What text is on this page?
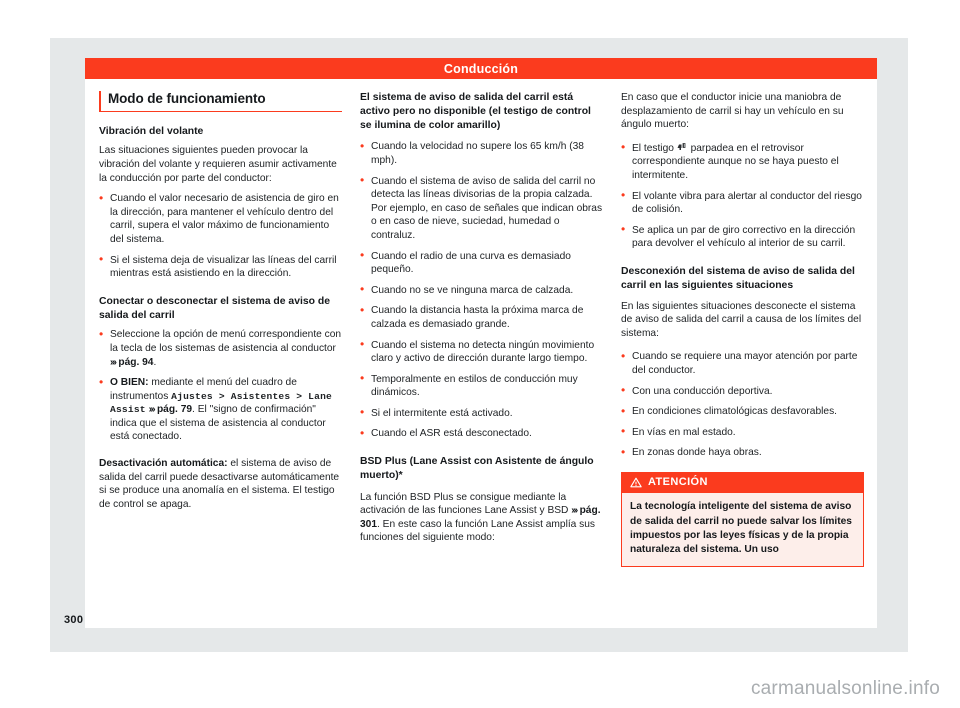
300
Conducción
Modo de funcionamiento
Vibración del volante

Las situaciones siguientes pueden provocar la vibración del volante y requieren asumir activamente la conducción por parte del conductor:

• Cuando el valor necesario de asistencia de giro en la dirección, para mantener el vehículo dentro del carril, supera el valor máximo de funcionamiento del sistema.
• Si el sistema deja de visualizar las líneas del carril mientras está asistiendo en la dirección.
Conectar o desconectar el sistema de aviso de salida del carril
• Seleccione la opción de menú correspondiente con la tecla de los sistemas de asistencia al conductor ››› pág. 94.
• O BIEN: mediante el menú del cuadro de instrumentos Ajustes > Asistentes > Lane Assist ››› pág. 79. El "signo de confirmación" indica que el sistema de asistencia al conductor está conectado.

Desactivación automática: el sistema de aviso de salida del carril puede desactivarse automáticamente si se produce una anomalía en el sistema. El testigo de control se apaga.

El sistema de aviso de salida del carril está activo pero no disponible (el testigo de control se ilumina de color amarillo)
• Cuando la velocidad no supere los 65 km/h (38 mph).
• Cuando el sistema de aviso de salida del carril no detecta las líneas divisorias de la propia calzada. Por ejemplo, en caso de señales que indican obras o en caso de nieve, suciedad, humedad o contraluz.
• Cuando el radio de una curva es demasiado pequeño.
• Cuando no se ve ninguna marca de calzada.
• Cuando la distancia hasta la próxima marca de calzada es demasiado grande.
• Cuando el sistema no detecta ningún movimiento claro y activo de dirección durante largo tiempo.
• Temporalmente en estilos de conducción muy dinámicos.
• Si el intermitente está activado.
• Cuando el ASR está desconectado.
BSD Plus (Lane Assist con Asistente de ángulo muerto)*

La función BSD Plus se consigue mediante la activación de las funciones Lane Assist y BSD ››› pág. 301. En este caso la función Lane Assist amplía sus funciones del siguiente modo:

En caso que el conductor inicie una maniobra de desplazamiento de carril si hay un vehículo en su ángulo muerto:

• El testigo parpadea en el retrovisor correspondiente aunque no se haya puesto el intermitente.
• El volante vibra para alertar al conductor del riesgo de colisión.
• Se aplica un par de giro correctivo en la dirección para devolver el vehículo al interior de su carril.
Desconexión del sistema de aviso de salida del carril en las siguientes situaciones

En las siguientes situaciones desconecte el sistema de aviso de salida del carril a causa de los límites del sistema:

• Cuando se requiere una mayor atención por parte del conductor.
• Con una conducción deportiva.
• En condiciones climatológicas desfavorables.
• En vías en mal estado.
• En zonas donde haya obras.
ATENCIÓN
La tecnología inteligente del sistema de aviso de salida del carril no puede salvar los límites impuestos por las leyes físicas y de la propia naturaleza del sistema. Un uso
carmanualsonline.info
